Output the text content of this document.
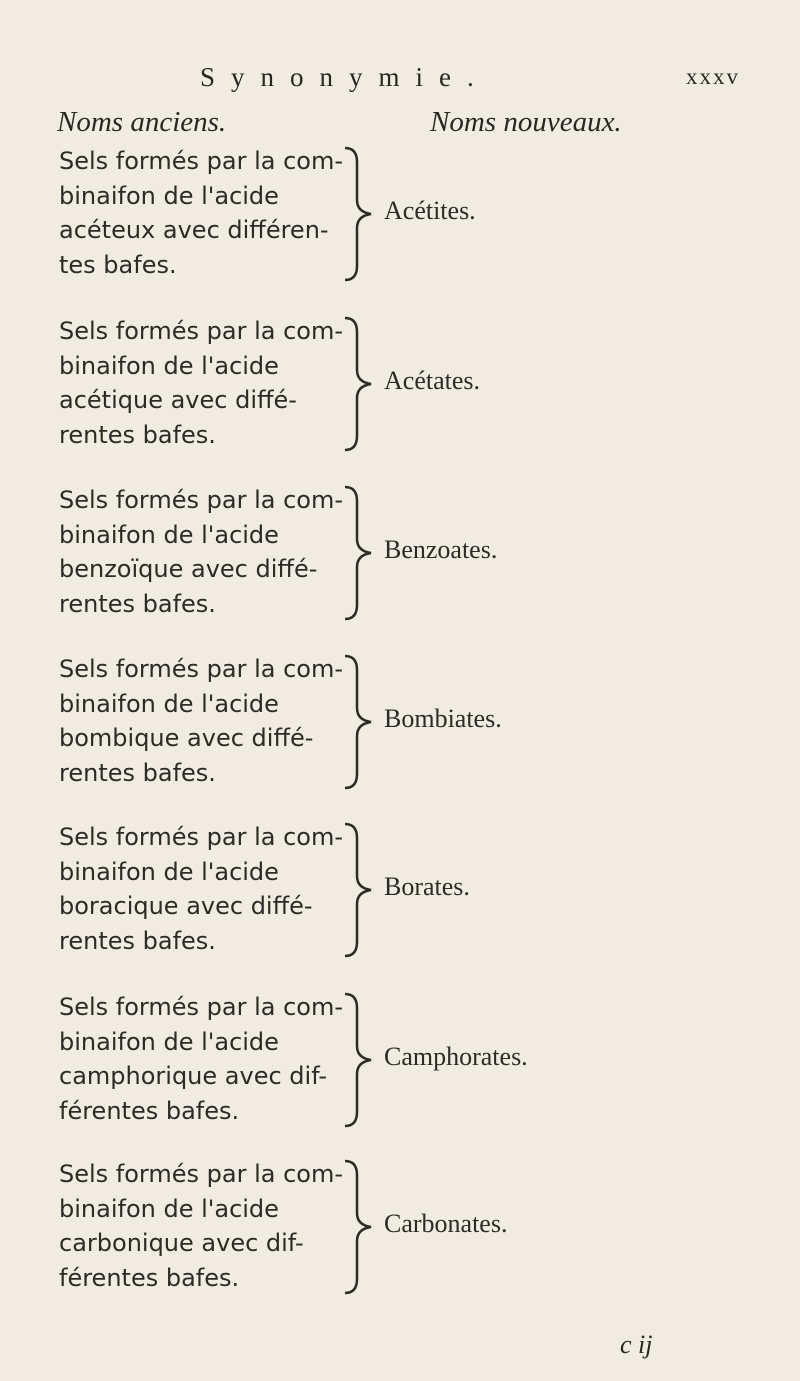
Synonymie.	xxxv
Noms anciens.	Noms nouveaux.
Sels formés par la com-
binaifon de l'acide
acéteux avec différen-
tes bafes.
Acétites.
Sels formés par la com-
binaifon de l'acide
acétique avec diffé-
rentes bafes.
Acétates.
Sels formés par la com-
binaifon de l'acide
benzoïque avec diffé-
rentes bafes.
Benzoates.
Sels formés par la com-
binaifon de l'acide
bombique avec diffé-
rentes bafes.
Bombiates.
Sels formés par la com-
binaifon de l'acide
boracique avec diffé-
rentes bafes.
Borates.
Sels formés par la com-
binaifon de l'acide
camphorique avec dif-
férentes bafes.
Camphorates.
Sels formés par la com-
binaifon de l'acide
carbonique avec dif-
férentes bafes.
Carbonates.
c ij
